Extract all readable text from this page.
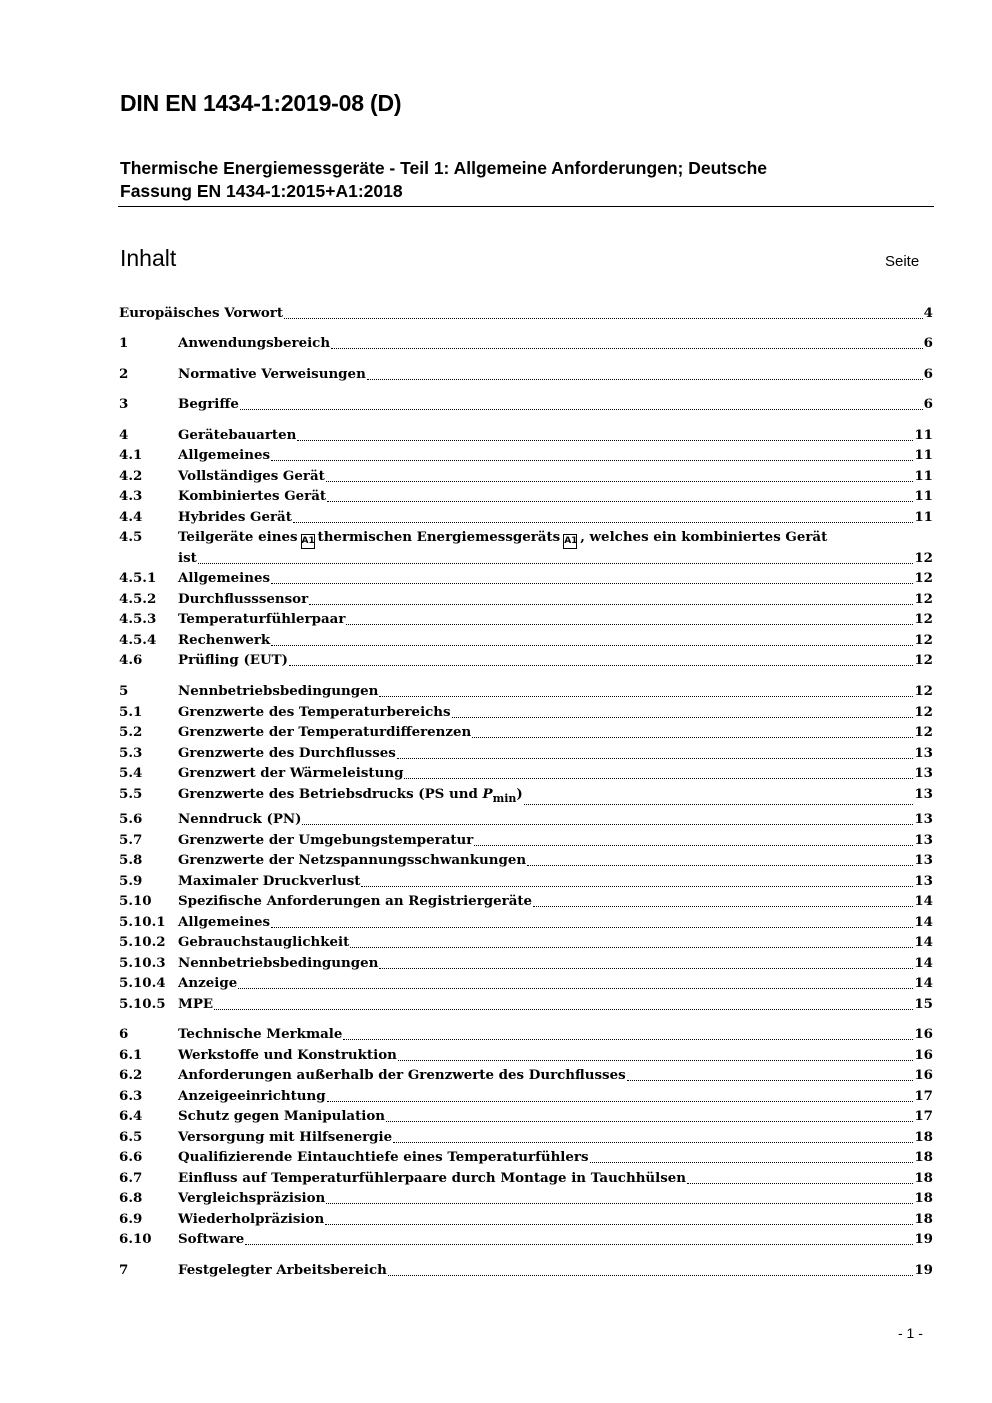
DIN EN 1434-1:2019-08 (D)
Thermische Energiemessgeräte - Teil 1: Allgemeine Anforderungen; Deutsche
Fassung EN 1434-1:2015+A1:2018
Inhalt	Seite
Europäisches Vorwort	4
1	Anwendungsbereich	6
2	Normative Verweisungen	6
3	Begriffe	6
4	Gerätebauarten	11
4.1	Allgemeines	11
4.2	Vollständiges Gerät	11
4.3	Kombiniertes Gerät	11
4.4	Hybrides Gerät	11
4.5	Teilgeräte eines A1 thermischen Energiemessgeräts A1 , welches ein kombiniertes Gerät
ist	12
4.5.1 Allgemeines	12
4.5.2 Durchflusssensor	12
4.5.3 Temperaturfühlerpaar	12
4.5.4 Rechenwerk	12
4.6	Prüfling (EUT)	12
5	Nennbetriebsbedingungen	12
5.1	Grenzwerte des Temperaturbereichs	12
5.2	Grenzwerte der Temperaturdifferenzen	12
5.3	Grenzwerte des Durchflusses	13
5.4	Grenzwert der Wärmeleistung	13
5.5	Grenzwerte des Betriebsdrucks (PS und $P_{min}$)	13
5.6	Nenndruck (PN)	13
5.7	Grenzwerte der Umgebungstemperatur	13
5.8	Grenzwerte der Netzspannungsschwankungen	13
5.9	Maximaler Druckverlust	13
5.10 Spezifische Anforderungen an Registriergeräte	14
5.10.1 Allgemeines	14
5.10.2 Gebrauchstauglichkeit	14
5.10.3 Nennbetriebsbedingungen	14
5.10.4 Anzeige	14
5.10.5 MPE	15
6	Technische Merkmale	16
6.1	Werkstoffe und Konstruktion	16
6.2	Anforderungen außerhalb der Grenzwerte des Durchflusses	16
6.3	Anzeigeeinrichtung	17
6.4	Schutz gegen Manipulation	17
6.5	Versorgung mit Hilfsenergie	18
6.6	Qualifizierende Eintauchtiefe eines Temperaturfühlers	18
6.7	Einfluss auf Temperaturfühlerpaare durch Montage in Tauchhülsen	18
6.8	Vergleichspräzision	18
6.9	Wiederholpräzision	18
6.10 Software	19
7	Festgelegter Arbeitsbereich	19
- 1 -
